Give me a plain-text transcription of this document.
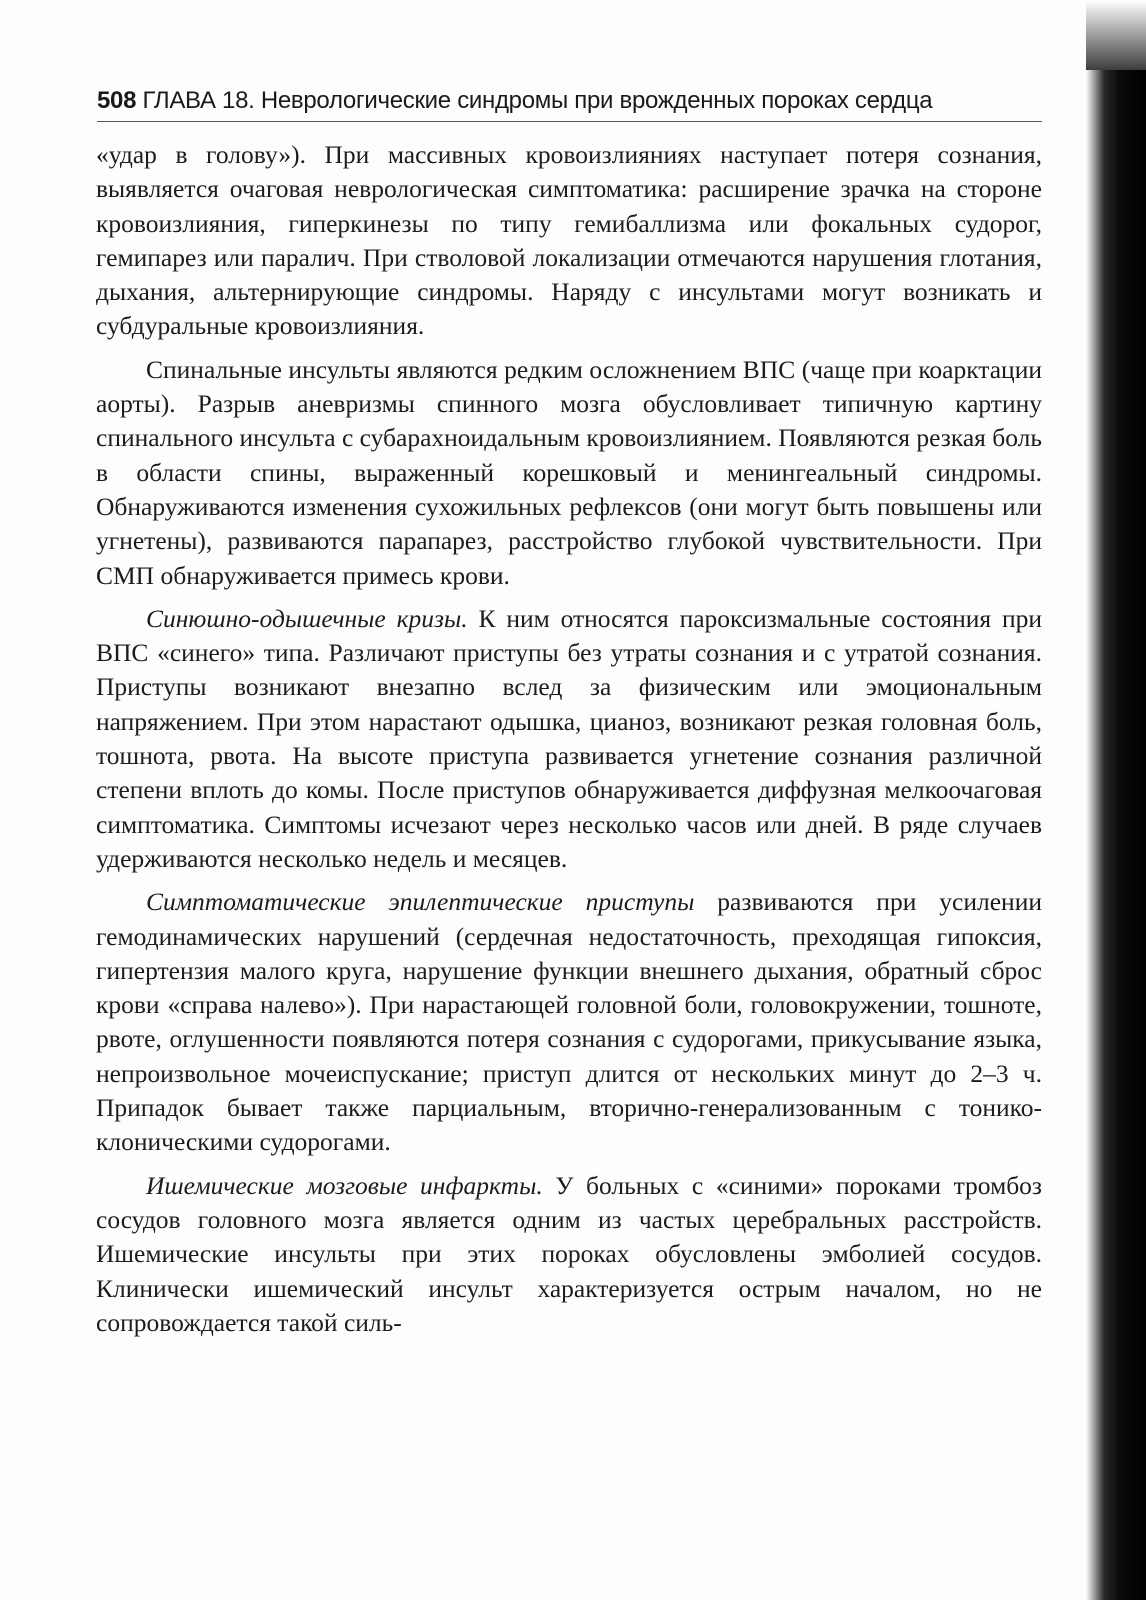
508 ГЛАВА 18. Неврологические синдромы при врожденных пороках сердца

«удар в голову»). При массивных кровоизлияниях наступает потеря сознания, выявляется очаговая неврологическая симптоматика: расширение зрачка на стороне кровоизлияния, гиперкинезы по типу гемибаллизма или фокальных судорог, гемипарез или паралич. При стволовой локализации отмечаются нарушения глотания, дыхания, альтернирующие синдромы. Наряду с инсультами могут возникать и субдуральные кровоизлияния.

Спинальные инсульты являются редким осложнением ВПС (чаще при коарктации аорты). Разрыв аневризмы спинного мозга обусловливает типичную картину спинального инсульта с субарахноидальным кровоизлиянием. Появляются резкая боль в области спины, выраженный корешковый и менингеальный синдромы. Обнаруживаются изменения сухожильных рефлексов (они могут быть повышены или угнетены), развиваются парапарез, расстройство глубокой чувствительности. При СМП обнаруживается примесь крови.

Синюшно-одышечные кризы. К ним относятся пароксизмальные состояния при ВПС «синего» типа. Различают приступы без утраты сознания и с утратой сознания. Приступы возникают внезапно вслед за физическим или эмоциональным напряжением. При этом нарастают одышка, цианоз, возникают резкая головная боль, тошнота, рвота. На высоте приступа развивается угнетение сознания различной степени вплоть до комы. После приступов обнаруживается диффузная мелкоочаговая симптоматика. Симптомы исчезают через несколько часов или дней. В ряде случаев удерживаются несколько недель и месяцев.

Симптоматические эпилептические приступы развиваются при усилении гемодинамических нарушений (сердечная недостаточность, преходящая гипоксия, гипертензия малого круга, нарушение функции внешнего дыхания, обратный сброс крови «справа налево»). При нарастающей головной боли, головокружении, тошноте, рвоте, оглушенности появляются потеря сознания с судорогами, прикусывание языка, непроизвольное мочеиспускание; приступ длится от нескольких минут до 2–3 ч. Припадок бывает также парциальным, вторично-генерализованным с тонико-клоническими судорогами.

Ишемические мозговые инфаркты. У больных с «синими» пороками тромбоз сосудов головного мозга является одним из частых церебральных расстройств. Ишемические инсульты при этих пороках обусловлены эмболией сосудов. Клинически ишемический инсульт характеризуется острым началом, но не сопровождается такой силь-
